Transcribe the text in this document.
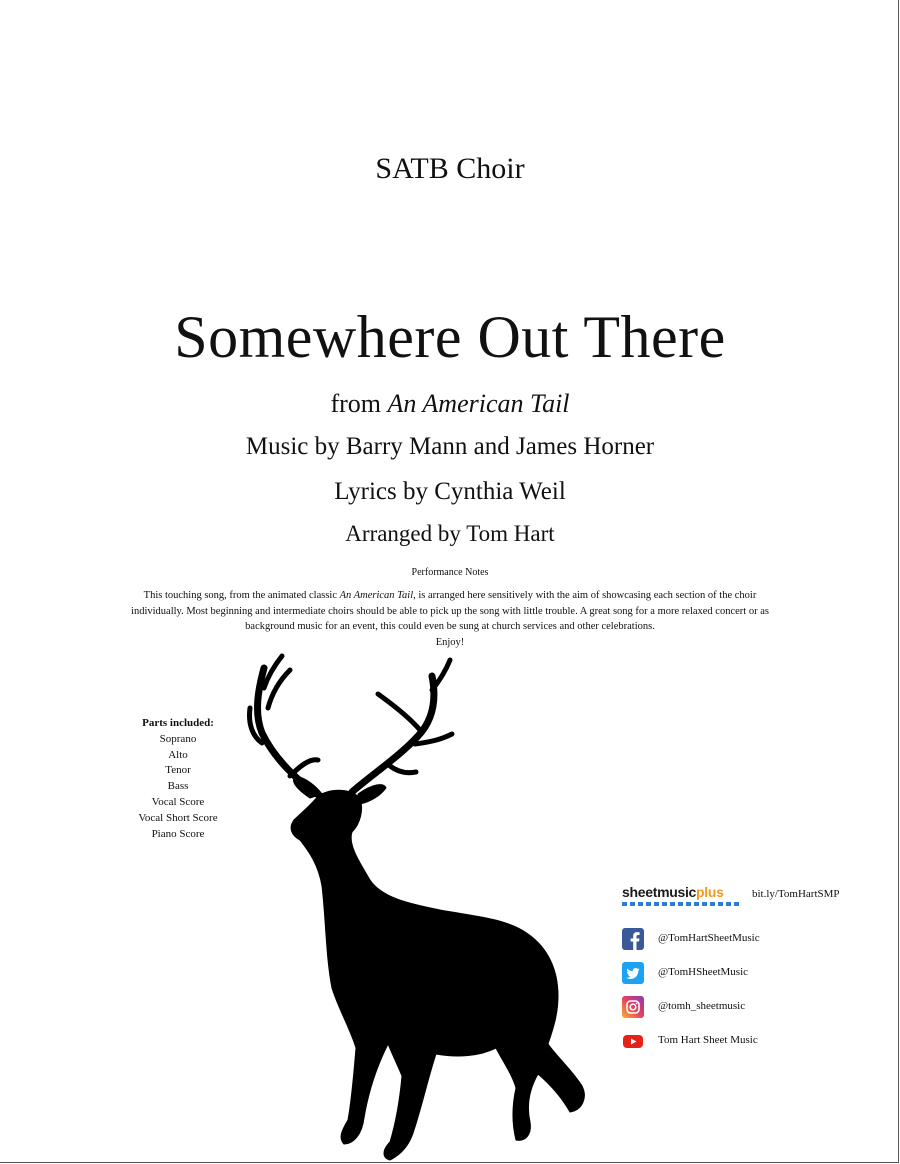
SATB Choir
Somewhere Out There
from An American Tail
Music by Barry Mann and James Horner
Lyrics by Cynthia Weil
Arranged by Tom Hart
Performance Notes
This touching song, from the animated classic An American Tail, is arranged here sensitively with the aim of showcasing each section of the choir individually. Most beginning and intermediate choirs should be able to pick up the song with little trouble. A great song for a more relaxed concert or as background music for an event, this could even be sung at church services and other celebrations.
Enjoy!
Parts included:
Soprano
Alto
Tenor
Bass
Vocal Score
Vocal Short Score
Piano Score
sheetmusicplus	bit.ly/TomHartSMP
@TomHartSheetMusic
@TomHSheetMusic
@tomh_sheetmusic
Tom Hart Sheet Music
